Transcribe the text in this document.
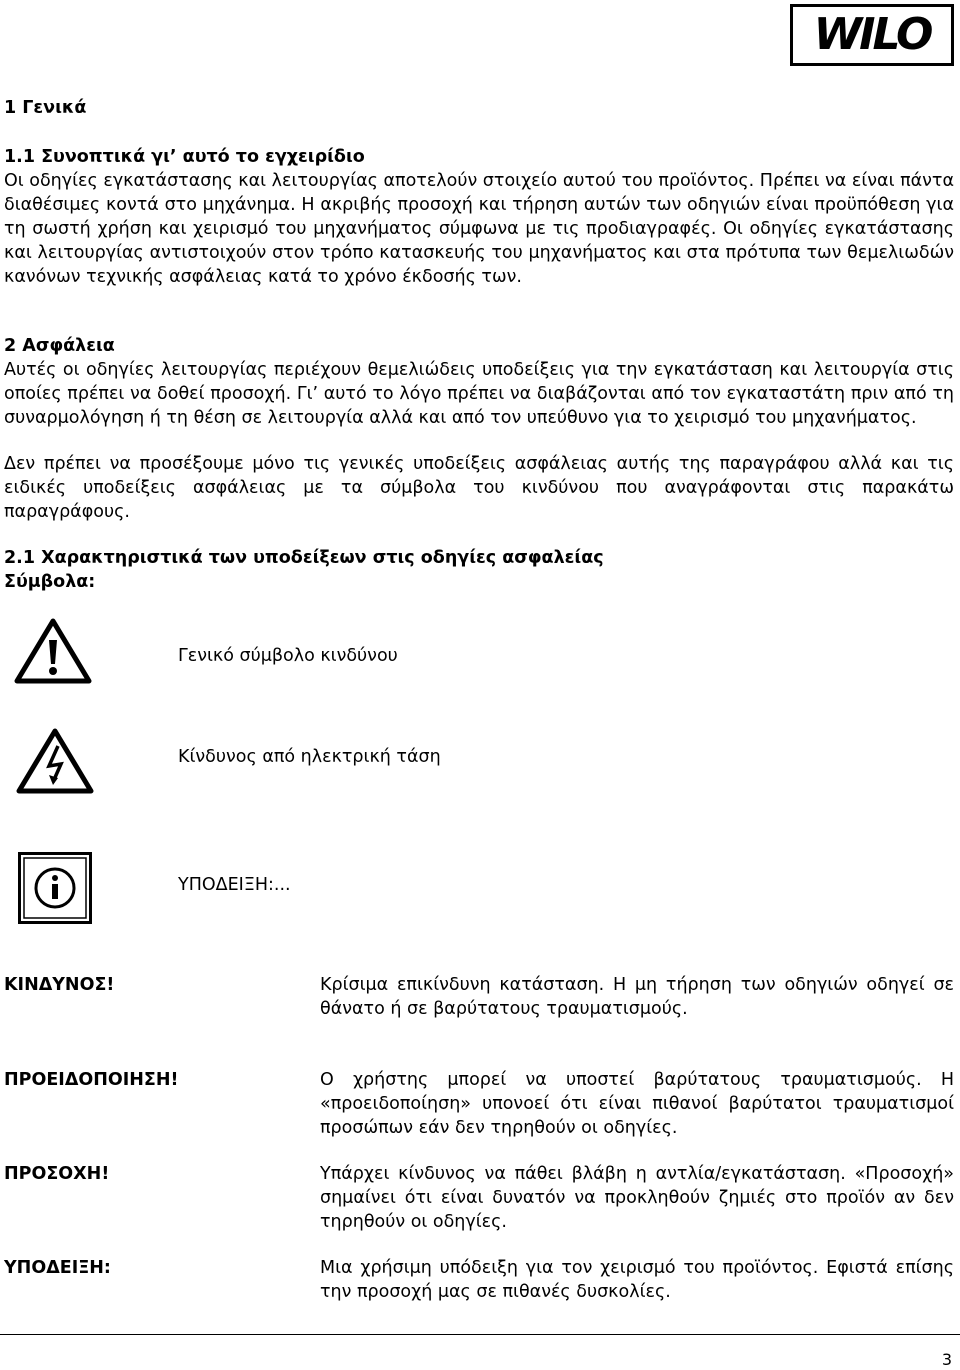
WILO
1 Γενικά
1.1 Συνοπτικά γι’ αυτό το εγχειρίδιο
Οι οδηγίες εγκατάστασης και λειτουργίας αποτελούν στοιχείο αυτού του προϊόντος. Πρέπει να είναι πάντα διαθέσιμες κοντά στο μηχάνημα. Η ακριβής προσοχή και τήρηση αυτών των οδηγιών είναι προϋπόθεση για τη σωστή χρήση και χειρισμό του μηχανήματος σύμφωνα με τις προδιαγραφές. Οι οδηγίες εγκατάστασης και λειτουργίας αντιστοιχούν στον τρόπο κατασκευής του μηχανήματος και στα πρότυπα των θεμελιωδών κανόνων τεχνικής ασφάλειας κατά το χρόνο έκδοσής των.
2 Ασφάλεια
Αυτές οι οδηγίες λειτουργίας περιέχουν θεμελιώδεις υποδείξεις για την εγκατάσταση και λειτουργία στις οποίες πρέπει να δοθεί προσοχή. Γι’ αυτό το λόγο πρέπει να διαβάζονται από τον εγκαταστάτη πριν από τη συναρμολόγηση ή τη θέση σε λειτουργία αλλά και από τον υπεύθυνο για το χειρισμό του μηχανήματος.
Δεν πρέπει να προσέξουμε μόνο τις γενικές υποδείξεις ασφάλειας αυτής της παραγράφου αλλά και τις ειδικές υποδείξεις ασφάλειας με τα σύμβολα του κινδύνου που αναγράφονται στις παρακάτω παραγράφους.
2.1 Χαρακτηριστικά των υποδείξεων στις οδηγίες ασφαλείας
Σύμβολα:
Γενικό σύμβολο κινδύνου
Κίνδυνος από ηλεκτρική τάση
ΥΠΟΔΕΙΞΗ:...
ΚΙΝΔΥΝΟΣ!	Κρίσιμα επικίνδυνη κατάσταση. Η μη τήρηση των οδηγιών οδηγεί σε θάνατο ή σε βαρύτατους τραυματισμούς.
ΠΡΟΕΙΔΟΠΟΙΗΣΗ!	Ο χρήστης μπορεί να υποστεί βαρύτατους τραυματισμούς. Η «προειδοποίηση» υπονοεί ότι είναι πιθανοί βαρύτατοι τραυματισμοί προσώπων εάν δεν τηρηθούν οι οδηγίες.
ΠΡΟΣΟΧΗ!	Υπάρχει κίνδυνος να πάθει βλάβη η αντλία/εγκατάσταση. «Προσοχή» σημαίνει ότι είναι δυνατόν να προκληθούν ζημιές στο προϊόν αν δεν τηρηθούν οι οδηγίες.
ΥΠΟΔΕΙΞΗ:	Μια χρήσιμη υπόδειξη για τον χειρισμό του προϊόντος. Εφιστά επίσης την προσοχή μας σε πιθανές δυσκολίες.
3
